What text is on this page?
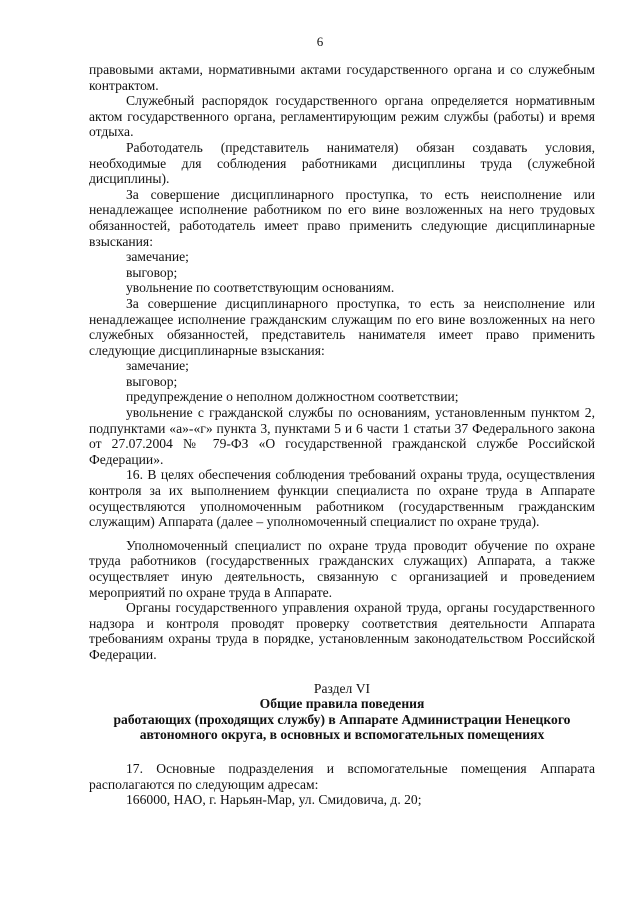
6

правовыми актами, нормативными актами государственного органа и со служебным контрактом.

Служебный распорядок государственного органа определяется нормативным актом государственного органа, регламентирующим режим службы (работы) и время отдыха.

Работодатель (представитель нанимателя) обязан создавать условия, необходимые для соблюдения работниками дисциплины труда (служебной дисциплины).

За совершение дисциплинарного проступка, то есть неисполнение или ненадлежащее исполнение работником по его вине возложенных на него трудовых обязанностей, работодатель имеет право применить следующие дисциплинарные взыскания:

замечание;

выговор;

увольнение по соответствующим основаниям.

За совершение дисциплинарного проступка, то есть за неисполнение или ненадлежащее исполнение гражданским служащим по его вине возложенных на него служебных обязанностей, представитель нанимателя имеет право применить следующие дисциплинарные взыскания:

замечание;

выговор;

предупреждение о неполном должностном соответствии;

увольнение с гражданской службы по основаниям, установленным пунктом 2, подпунктами «а»-«г» пункта 3, пунктами 5 и 6 части 1 статьи 37 Федерального закона от 27.07.2004 № 79-ФЗ «О государственной гражданской службе Российской Федерации».

16. В целях обеспечения соблюдения требований охраны труда, осуществления контроля за их выполнением функции специалиста по охране труда в Аппарате осуществляются уполномоченным работником (государственным гражданским служащим) Аппарата (далее – уполномоченный специалист по охране труда).

Уполномоченный специалист по охране труда проводит обучение по охране труда работников (государственных гражданских служащих) Аппарата, а также осуществляет иную деятельность, связанную с организацией и проведением мероприятий по охране труда в Аппарате.

Органы государственного управления охраной труда, органы государственного надзора и контроля проводят проверку соответствия деятельности Аппарата требованиям охраны труда в порядке, установленным законодательством Российской Федерации.

Раздел VI

Общие правила поведения

работающих (проходящих службу) в Аппарате Администрации Ненецкого

автономного округа, в основных и вспомогательных помещениях

17. Основные подразделения и вспомогательные помещения Аппарата располагаются по следующим адресам:

166000, НАО, г. Нарьян-Мар, ул. Смидовича, д. 20;
